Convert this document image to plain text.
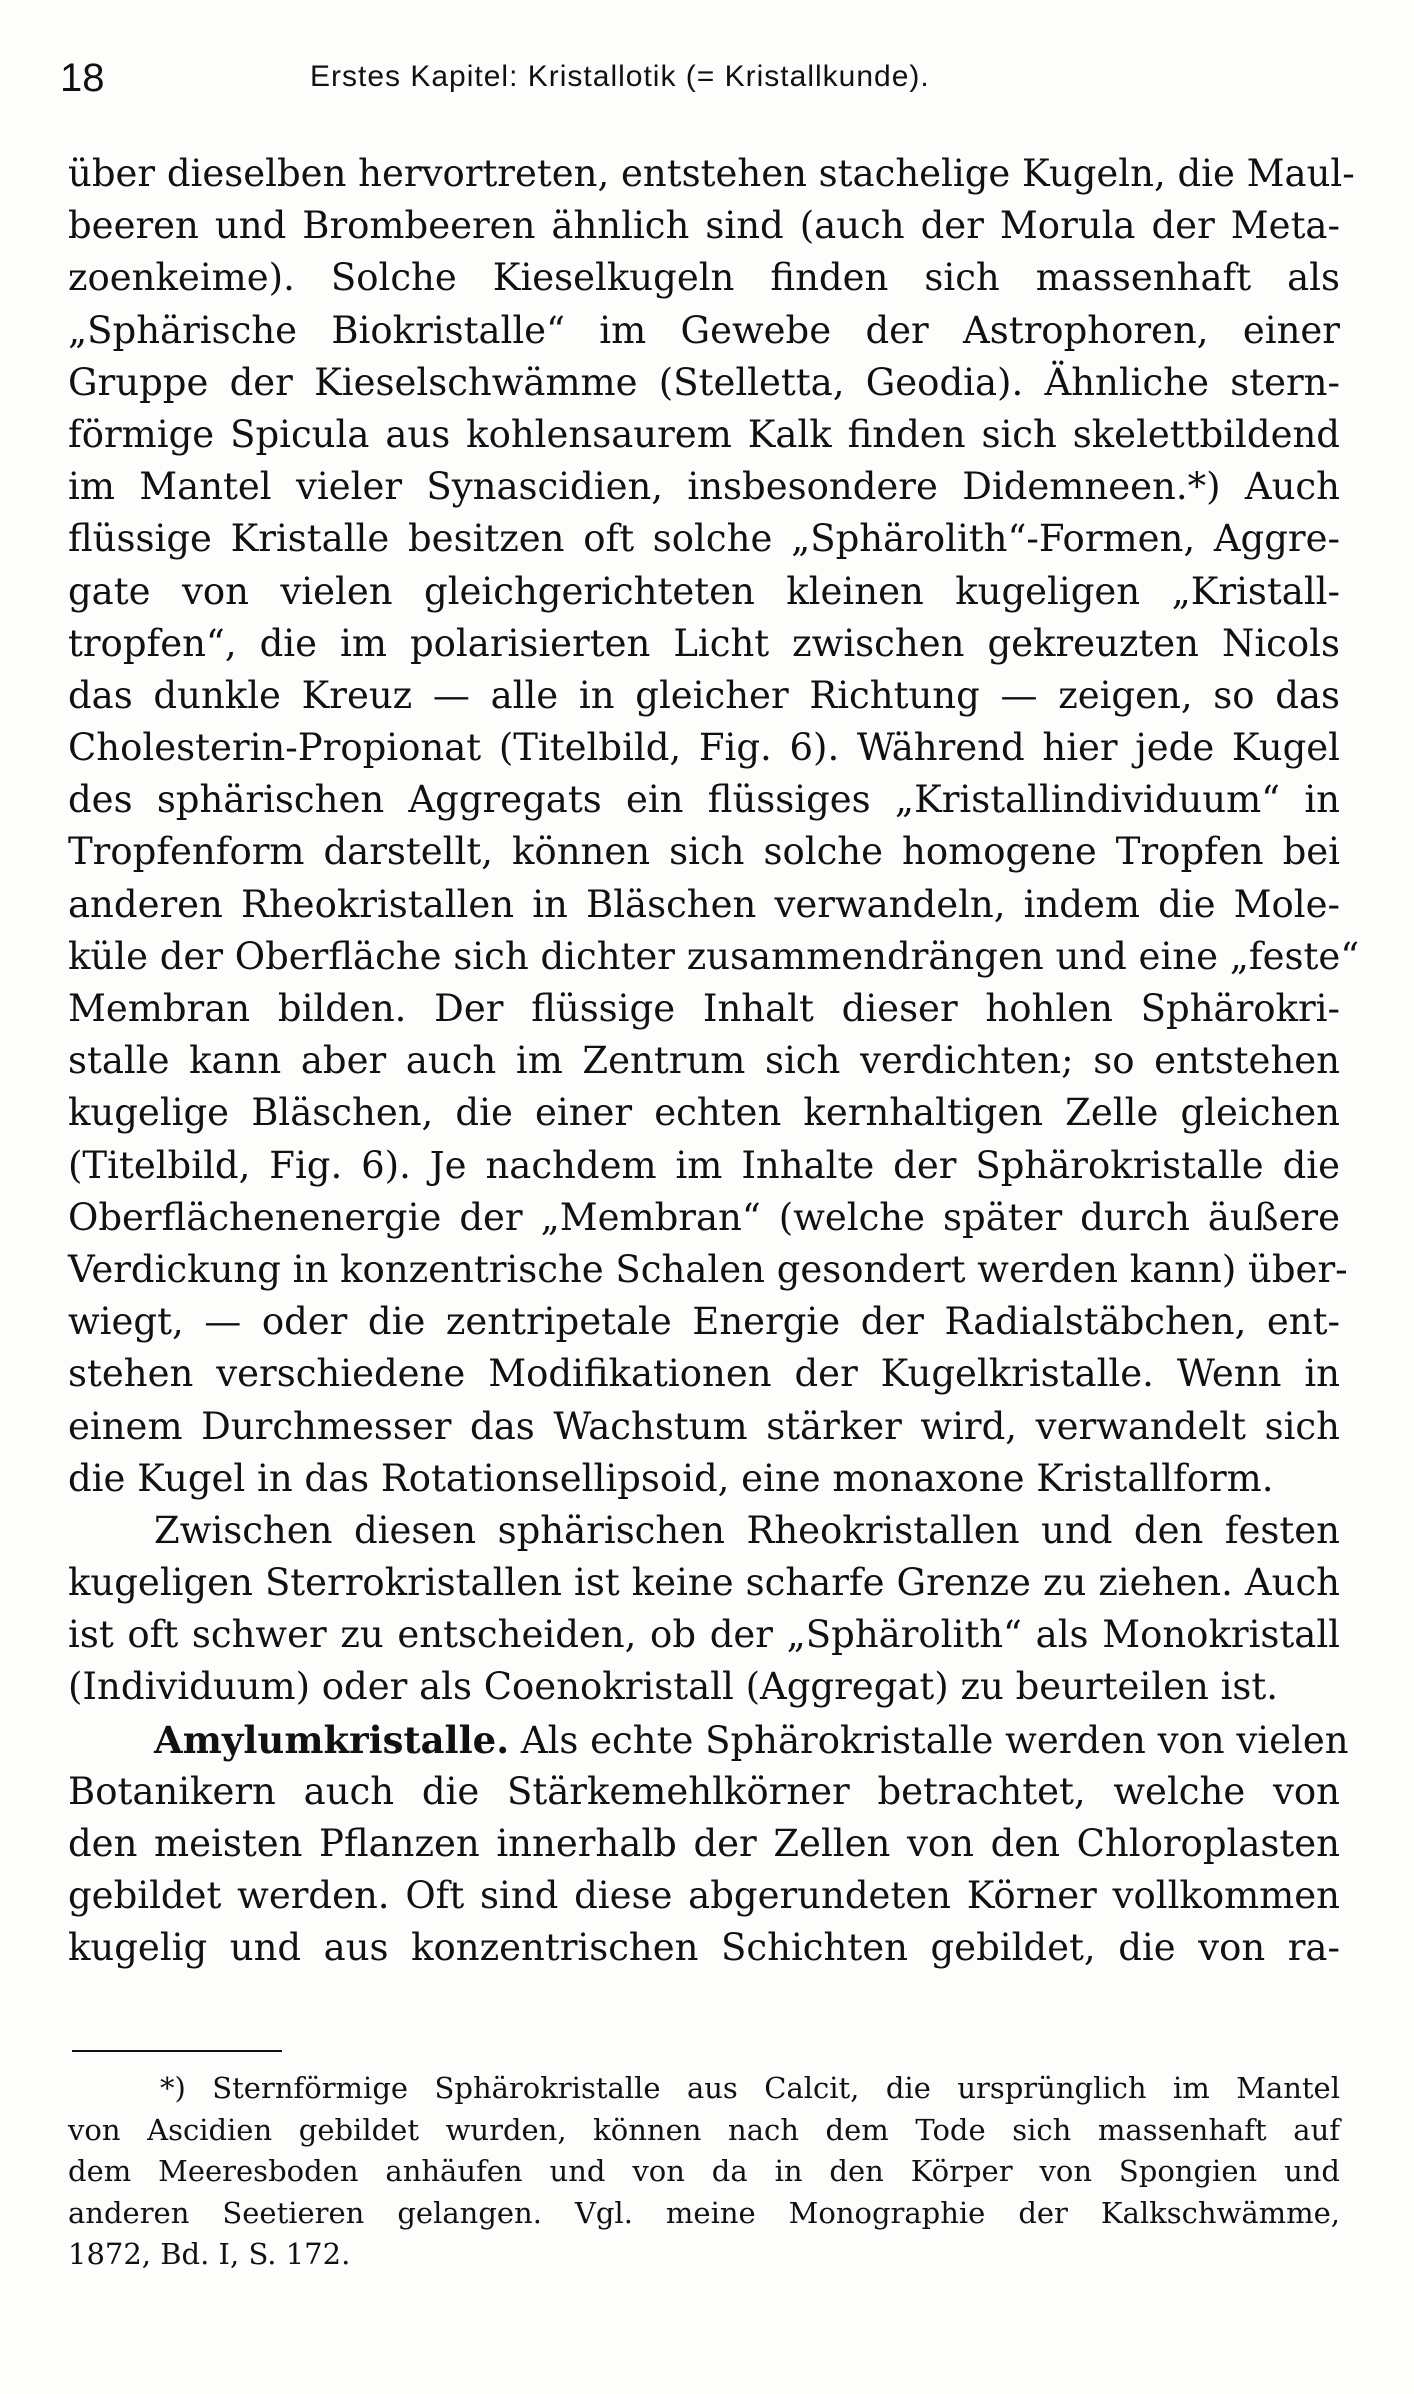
18	Erstes Kapitel: Kristallotik (= Kristallkunde).
über dieselben hervortreten, entstehen stachelige Kugeln, die Maul-
beeren und Brombeeren ähnlich sind (auch der Morula der Meta-
zoenkeime). Solche Kieselkugeln finden sich massenhaft als
„Sphärische Biokristalle“ im Gewebe der Astrophoren, einer
Gruppe der Kieselschwämme (Stelletta, Geodia). Ähnliche stern-
förmige Spicula aus kohlensaurem Kalk finden sich skelettbildend
im Mantel vieler Synascidien, insbesondere Didemneen.*) Auch
flüssige Kristalle besitzen oft solche „Sphärolith“-Formen, Aggre-
gate von vielen gleichgerichteten kleinen kugeligen „Kristall-
tropfen“, die im polarisierten Licht zwischen gekreuzten Nicols
das dunkle Kreuz — alle in gleicher Richtung — zeigen, so das
Cholesterin-Propionat (Titelbild, Fig. 6). Während hier jede Kugel
des sphärischen Aggregats ein flüssiges „Kristallindividuum“ in
Tropfenform darstellt, können sich solche homogene Tropfen bei
anderen Rheokristallen in Bläschen verwandeln, indem die Mole-
küle der Oberfläche sich dichter zusammendrängen und eine „feste“
Membran bilden. Der flüssige Inhalt dieser hohlen Sphärokri-
stalle kann aber auch im Zentrum sich verdichten; so entstehen
kugelige Bläschen, die einer echten kernhaltigen Zelle gleichen
(Titelbild, Fig. 6). Je nachdem im Inhalte der Sphärokristalle die
Oberflächenenergie der „Membran“ (welche später durch äußere
Verdickung in konzentrische Schalen gesondert werden kann) über-
wiegt, — oder die zentripetale Energie der Radialstäbchen, ent-
stehen verschiedene Modifikationen der Kugelkristalle. Wenn in
einem Durchmesser das Wachstum stärker wird, verwandelt sich
die Kugel in das Rotationsellipsoid, eine monaxone Kristallform.
Zwischen diesen sphärischen Rheokristallen und den festen
kugeligen Sterrokristallen ist keine scharfe Grenze zu ziehen. Auch
ist oft schwer zu entscheiden, ob der „Sphärolith“ als Monokristall
(Individuum) oder als Coenokristall (Aggregat) zu beurteilen ist.
Amylumkristalle. Als echte Sphärokristalle werden von vielen
Botanikern auch die Stärkemehlkörner betrachtet, welche von
den meisten Pflanzen innerhalb der Zellen von den Chloroplasten
gebildet werden. Oft sind diese abgerundeten Körner vollkommen
kugelig und aus konzentrischen Schichten gebildet, die von ra-
*) Sternförmige Sphärokristalle aus Calcit, die ursprünglich im Mantel
von Ascidien gebildet wurden, können nach dem Tode sich massenhaft auf
dem Meeresboden anhäufen und von da in den Körper von Spongien und
anderen Seetieren gelangen. Vgl. meine Monographie der Kalkschwämme,
1872, Bd. I, S. 172.
